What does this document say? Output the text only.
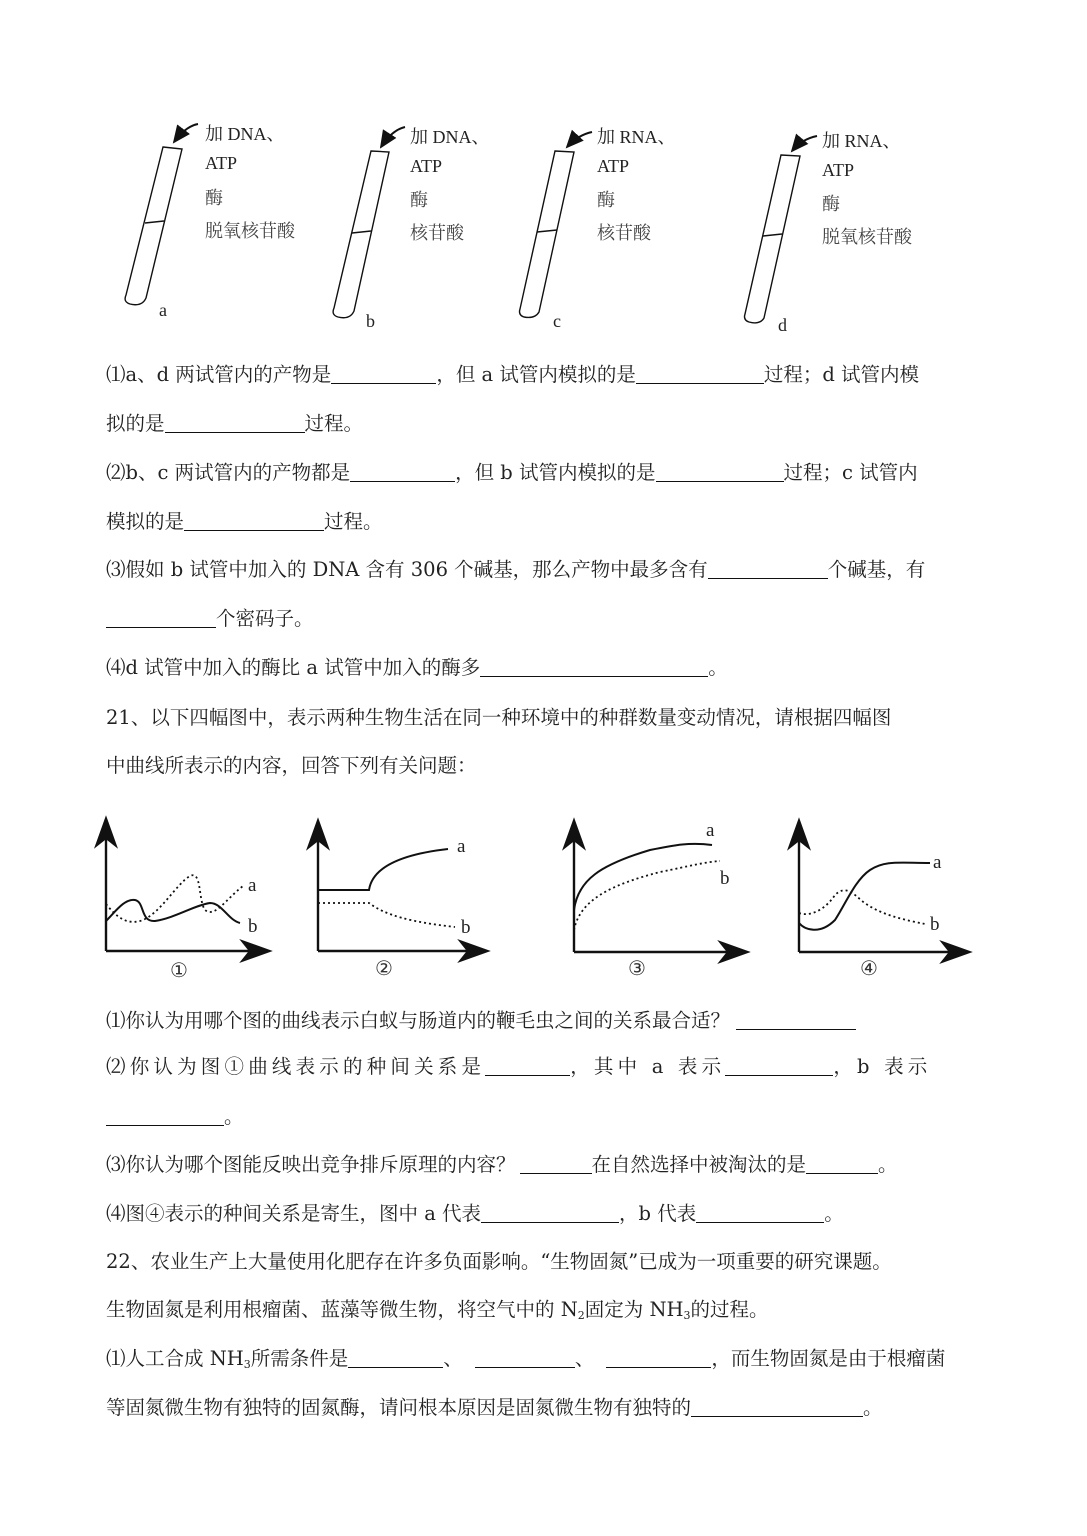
加 DNA、
ATP
酶
脱氧核苷酸
a
加 DNA、
ATP
酶
核苷酸
b
加 RNA、
ATP
酶
核苷酸
c
加 RNA、
ATP
酶
脱氧核苷酸
d
⑴a、d 两试管内的产物是	，但 a 试管内模拟的是	过程；d 试管内模
拟的是	过程。
⑵b、c 两试管内的产物都是	，但 b 试管内模拟的是	过程；c 试管内
模拟的是	过程。
⑶假如 b 试管中加入的 DNA 含有 306 个碱基，那么产物中最多含有	个碱基，有
个密码子。
⑷d 试管中加入的酶比 a 试管中加入的酶多	。
21、以下四幅图中，表示两种生物生活在同一种环境中的种群数量变动情况，请根据四幅图
中曲线所表示的内容，回答下列有关问题：
①	②	③	④
a
b
a
b
a
b
a
b
⑴你认为用哪个图的曲线表示白蚁与肠道内的鞭毛虫之间的关系最合适？
⑵你认为图①曲线表示的种间关系是	，其中 a 表示	，b 表示
。
⑶你认为哪个图能反映出竞争排斥原理的内容？	在自然选择中被淘汰的是	。
⑷图④表示的种间关系是寄生，图中 a 代表	，b 代表	。
22、农业生产上大量使用化肥存在许多负面影响。“生物固氮”已成为一项重要的研究课题。
生物固氮是利用根瘤菌、蓝藻等微生物，将空气中的 $N_2$固定为 $NH_3$的过程。
⑴人工合成 $NH_3$所需条件是	、	、	，而生物固氮是由于根瘤菌
等固氮微生物有独特的固氮酶，请问根本原因是固氮微生物有独特的	。
